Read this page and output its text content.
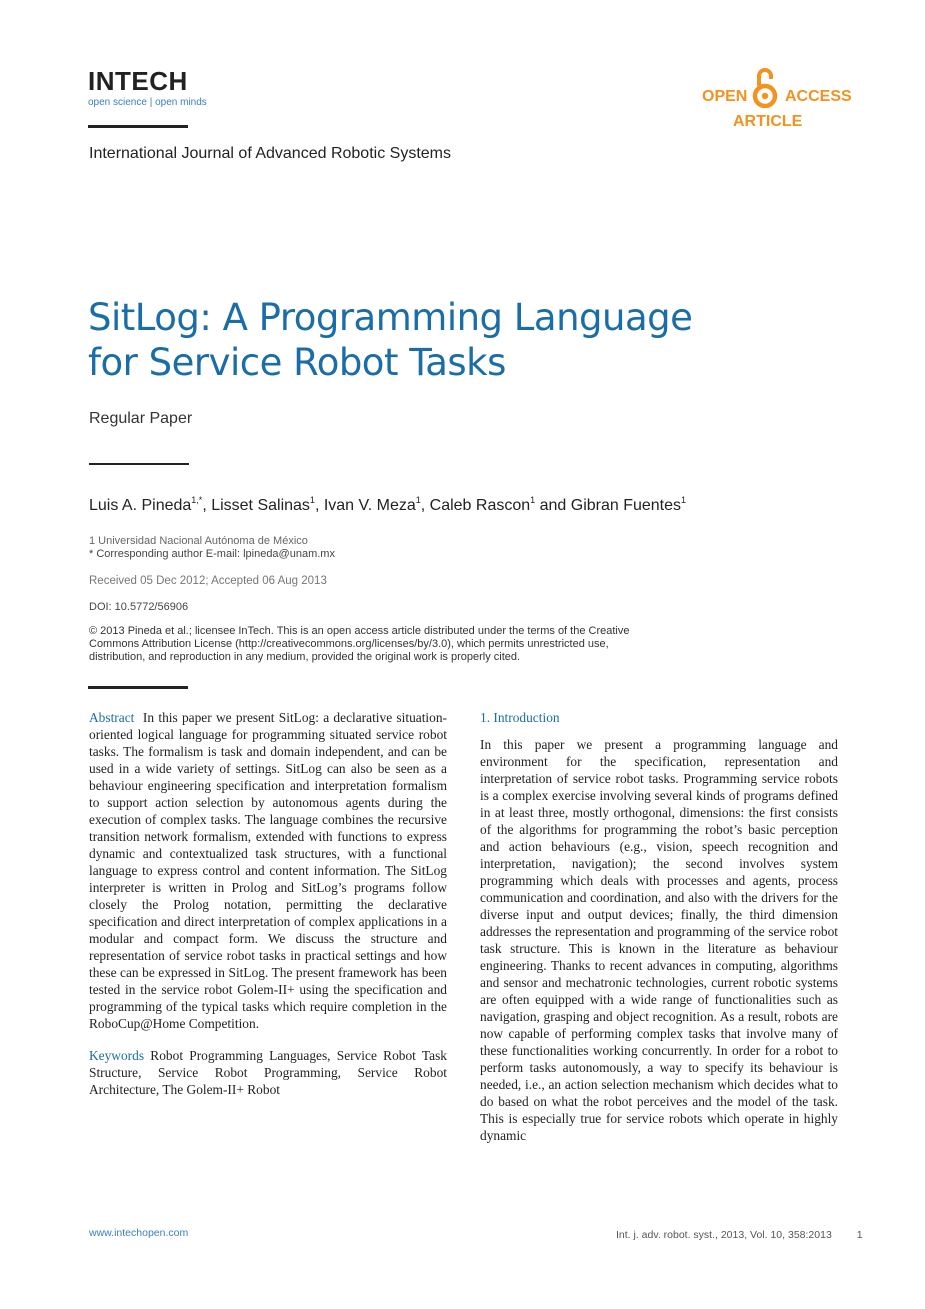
INTECH
open science | open minds	OPEN ACCESS
ARTICLE
International Journal of Advanced Robotic Systems
SitLog: A Programming Language
for Service Robot Tasks
Regular Paper
Luis A. Pineda$^{1,*}$, Lisset Salinas$^1$, Ivan V. Meza$^1$, Caleb Rascon$^1$ and Gibran Fuentes$^1$
1 Universidad Nacional Autónoma de México
* Corresponding author E-mail: lpineda@unam.mx
Received 05 Dec 2012; Accepted 06 Aug 2013
DOI: 10.5772/56906
© 2013 Pineda et al.; licensee InTech. This is an open access article distributed under the terms of the Creative
Commons Attribution License (http://creativecommons.org/licenses/by/3.0), which permits unrestricted use,
distribution, and reproduction in any medium, provided the original work is properly cited.
Abstract In this paper we present SitLog: a declarative situation-oriented logical language for programming situated service robot tasks. The formalism is task and domain independent, and can be used in a wide variety of settings. SitLog can also be seen as a behaviour engineering specification and interpretation formalism to support action selection by autonomous agents during the execution of complex tasks. The language combines the recursive transition network formalism, extended with functions to express dynamic and contextualized task structures, with a functional language to express control and content information. The SitLog interpreter is written in Prolog and SitLog’s programs follow closely the Prolog notation, permitting the declarative specification and direct interpretation of complex applications in a modular and compact form. We discuss the structure and representation of service robot tasks in practical settings and how these can be expressed in SitLog. The present framework has been tested in the service robot Golem-II+ using the specification and programming of the typical tasks which require completion in the RoboCup@Home Competition.
Keywords Robot Programming Languages, Service Robot Task Structure, Service Robot Programming, Service Robot Architecture, The Golem-II+ Robot
1. Introduction
In this paper we present a programming language and environment for the specification, representation and interpretation of service robot tasks. Programming service robots is a complex exercise involving several kinds of programs defined in at least three, mostly orthogonal, dimensions: the first consists of the algorithms for programming the robot’s basic perception and action behaviours (e.g., vision, speech recognition and interpretation, navigation); the second involves system programming which deals with processes and agents, process communication and coordination, and also with the drivers for the diverse input and output devices; finally, the third dimension addresses the representation and programming of the service robot task structure. This is known in the literature as behaviour engineering. Thanks to recent advances in computing, algorithms and sensor and mechatronic technologies, current robotic systems are often equipped with a wide range of functionalities such as navigation, grasping and object recognition. As a result, robots are now capable of performing complex tasks that involve many of these functionalities working concurrently. In order for a robot to perform tasks autonomously, a way to specify its behaviour is needed, i.e., an action selection mechanism which decides what to do based on what the robot perceives and the model of the task. This is especially true for service robots which operate in highly dynamic
www.intechopen.com	Int. j. adv. robot. syst., 2013, Vol. 10, 358:2013 1
